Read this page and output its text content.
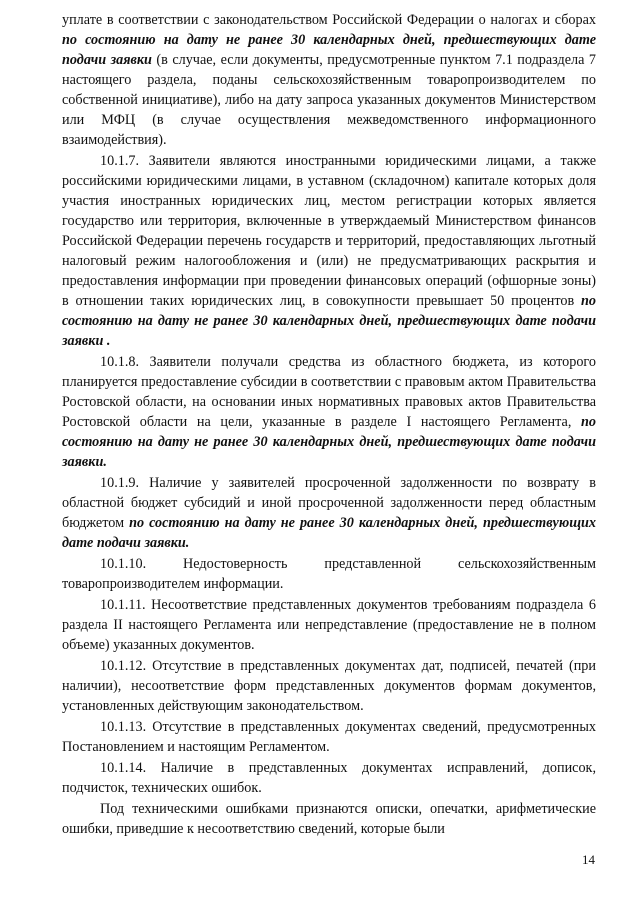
уплате в соответствии с законодательством Российской Федерации о налогах и сборах по состоянию на дату не ранее 30 календарных дней, предшествующих дате подачи заявки (в случае, если документы, предусмотренные пунктом 7.1 подраздела 7 настоящего раздела, поданы сельскохозяйственным товаропроизводителем по собственной инициативе), либо на дату запроса указанных документов Министерством или МФЦ (в случае осуществления межведомственного информационного взаимодействия).

10.1.7. Заявители являются иностранными юридическими лицами, а также российскими юридическими лицами, в уставном (складочном) капитале которых доля участия иностранных юридических лиц, местом регистрации которых является государство или территория, включенные в утверждаемый Министерством финансов Российской Федерации перечень государств и территорий, предоставляющих льготный налоговый режим налогообложения и (или) не предусматривающих раскрытия и предоставления информации при проведении финансовых операций (офшорные зоны) в отношении таких юридических лиц, в совокупности превышает 50 процентов по состоянию на дату не ранее 30 календарных дней, предшествующих дате подачи заявки .

10.1.8. Заявители получали средства из областного бюджета, из которого планируется предоставление субсидии в соответствии с правовым актом Правительства Ростовской области, на основании иных нормативных правовых актов Правительства Ростовской области на цели, указанные в разделе I настоящего Регламента, по состоянию на дату не ранее 30 календарных дней, предшествующих дате подачи заявки.

10.1.9. Наличие у заявителей просроченной задолженности по возврату в областной бюджет субсидий и иной просроченной задолженности перед областным бюджетом по состоянию на дату не ранее 30 календарных дней, предшествующих дате подачи заявки.

10.1.10. Недостоверность представленной сельскохозяйственным товаропроизводителем информации.

10.1.11. Несоответствие представленных документов требованиям подраздела 6 раздела II настоящего Регламента или непредставление (предоставление не в полном объеме) указанных документов.

10.1.12. Отсутствие в представленных документах дат, подписей, печатей (при наличии), несоответствие форм представленных документов формам документов, установленных действующим законодательством.

10.1.13. Отсутствие в представленных документах сведений, предусмотренных Постановлением и настоящим Регламентом.

10.1.14. Наличие в представленных документах исправлений, дописок, подчисток, технических ошибок.

Под техническими ошибками признаются описки, опечатки, арифметические ошибки, приведшие к несоответствию сведений, которые были

14
